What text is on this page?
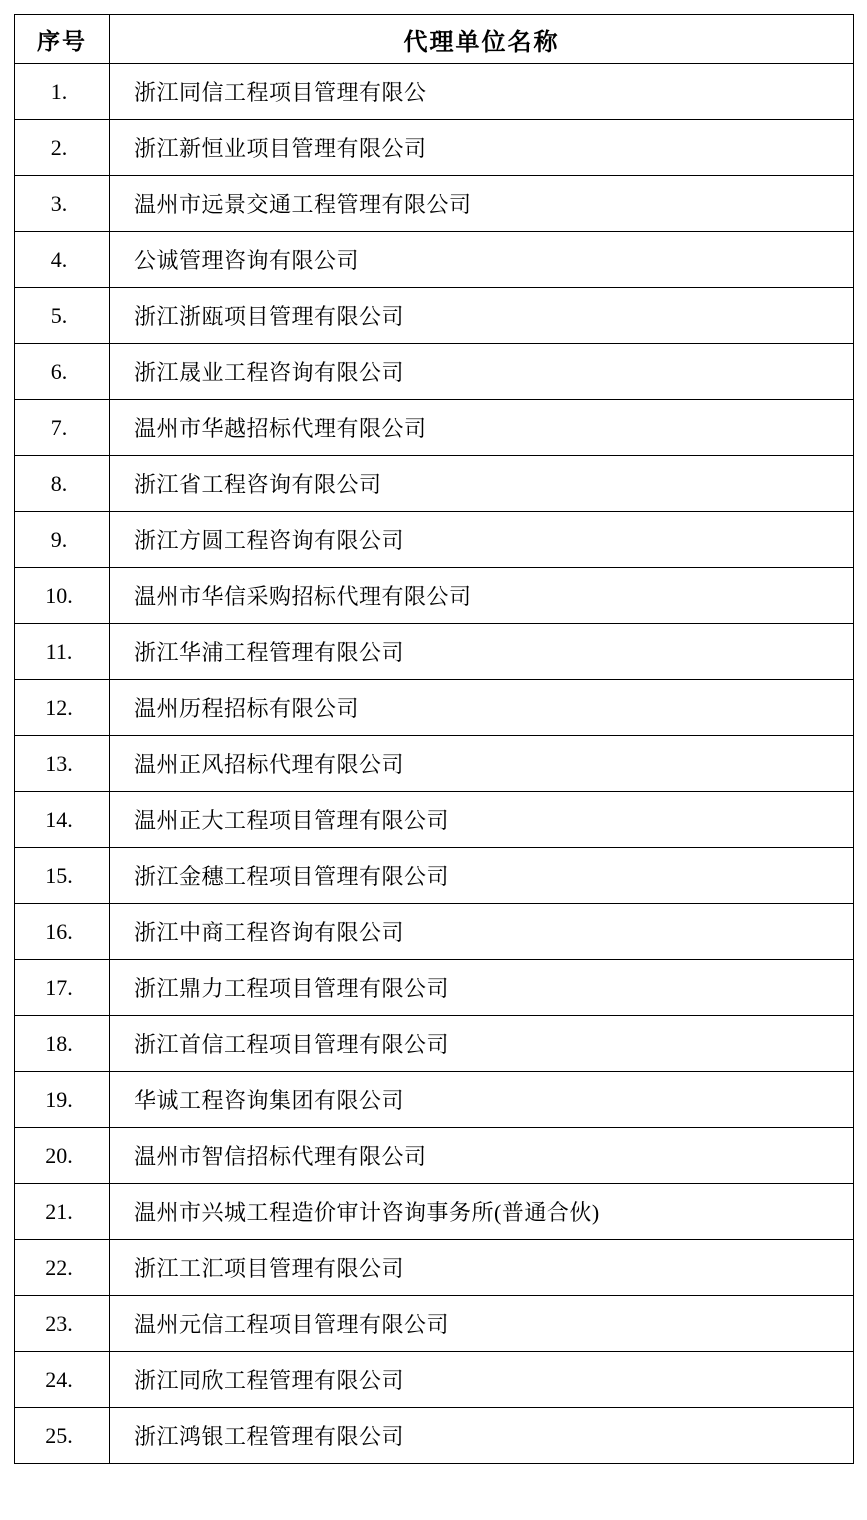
序号	代理单位名称

1.	浙江同信工程项目管理有限公

2.	浙江新恒业项目管理有限公司

3.	温州市远景交通工程管理有限公司

4.	公诚管理咨询有限公司

5.	浙江浙瓯项目管理有限公司

6.	浙江晟业工程咨询有限公司

7.	温州市华越招标代理有限公司

8.	浙江省工程咨询有限公司

9.	浙江方圆工程咨询有限公司

10.	温州市华信采购招标代理有限公司

11.	浙江华浦工程管理有限公司

12.	温州历程招标有限公司

13.	温州正风招标代理有限公司

14.	温州正大工程项目管理有限公司

15.	浙江金穗工程项目管理有限公司

16.	浙江中商工程咨询有限公司

17.	浙江鼎力工程项目管理有限公司

18.	浙江首信工程项目管理有限公司

19.	华诚工程咨询集团有限公司

20.	温州市智信招标代理有限公司

21.	温州市兴城工程造价审计咨询事务所(普通合伙)

22.	浙江工汇项目管理有限公司

23.	温州元信工程项目管理有限公司

24.	浙江同欣工程管理有限公司

25.	浙江鸿银工程管理有限公司
